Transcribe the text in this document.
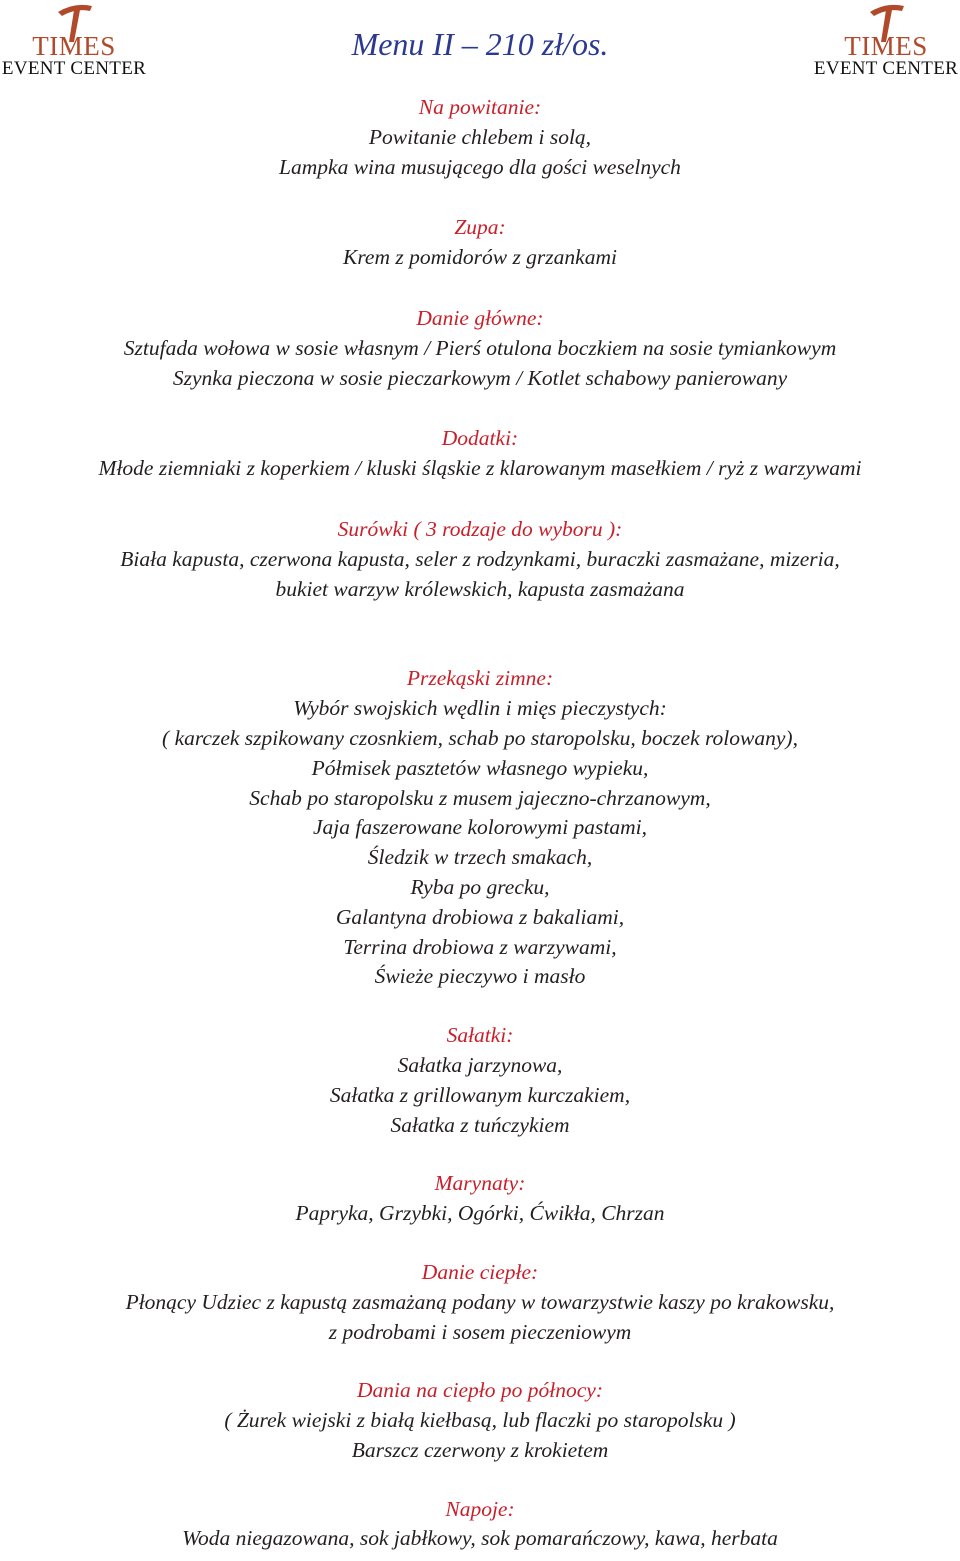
TIMES
EVENT CENTER
TIMES
EVENT CENTER
Menu II – 210 zł/os.
Na powitanie:
Powitanie chlebem i solą,
Lampka wina musującego dla gości weselnych
Zupa:
Krem z pomidorów z grzankami
Danie główne:
Sztufada wołowa w sosie własnym / Pierś otulona boczkiem na sosie tymiankowym
Szynka pieczona w sosie pieczarkowym / Kotlet schabowy panierowany
Dodatki:
Młode ziemniaki z koperkiem / kluski śląskie z klarowanym masełkiem / ryż z warzywami
Surówki ( 3 rodzaje do wyboru ):
Biała kapusta, czerwona kapusta, seler z rodzynkami, buraczki zasmażane, mizeria,
bukiet warzyw królewskich, kapusta zasmażana
Przekąski zimne:
Wybór swojskich wędlin i mięs pieczystych:
( karczek szpikowany czosnkiem, schab po staropolsku, boczek rolowany),
Półmisek pasztetów własnego wypieku,
Schab po staropolsku z musem jajeczno-chrzanowym,
Jaja faszerowane kolorowymi pastami,
Śledzik w trzech smakach,
Ryba po grecku,
Galantyna drobiowa z bakaliami,
Terrina drobiowa z warzywami,
Świeże pieczywo i masło
Sałatki:
Sałatka jarzynowa,
Sałatka z grillowanym kurczakiem,
Sałatka z tuńczykiem
Marynaty:
Papryka, Grzybki, Ogórki, Ćwikła, Chrzan
Danie ciepłe:
Płonący Udziec z kapustą zasmażaną podany w towarzystwie kaszy po krakowsku,
z podrobami i sosem pieczeniowym
Dania na ciepło po północy:
( Żurek wiejski z białą kiełbasą, lub flaczki po staropolsku )
Barszcz czerwony z krokietem
Napoje:
Woda niegazowana, sok jabłkowy, sok pomarańczowy, kawa, herbata
